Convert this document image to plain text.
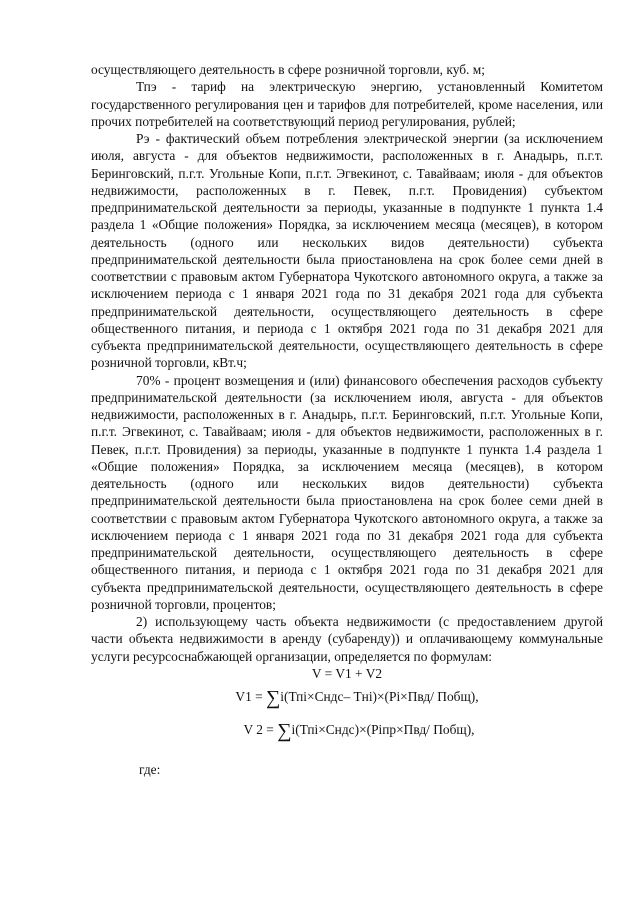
осуществляющего деятельность в сфере розничной торговли, куб. м;

Тпэ - тариф на электрическую энергию, установленный Комитетом государственного регулирования цен и тарифов для потребителей, кроме населения, или прочих потребителей на соответствующий период регулирования, рублей;

Рэ - фактический объем потребления электрической энергии (за исключением июля, августа - для объектов недвижимости, расположенных в г. Анадырь, п.г.т. Беринговский, п.г.т. Угольные Копи, п.г.т. Эгвекинот, с. Тавайваам; июля - для объектов недвижимости, расположенных в г. Певек, п.г.т. Провидения) субъектом предпринимательской деятельности за периоды, указанные в подпункте 1 пункта 1.4 раздела 1 «Общие положения» Порядка, за исключением месяца (месяцев), в котором деятельность (одного или нескольких видов деятельности) субъекта предпринимательской деятельности была приостановлена на срок более семи дней в соответствии с правовым актом Губернатора Чукотского автономного округа, а также за исключением периода с 1 января 2021 года по 31 декабря 2021 года для субъекта предпринимательской деятельности, осуществляющего деятельность в сфере общественного питания, и периода с 1 октября 2021 года по 31 декабря 2021 для субъекта предпринимательской деятельности, осуществляющего деятельность в сфере розничной торговли, кВт.ч;

70% - процент возмещения и (или) финансового обеспечения расходов субъекту предпринимательской деятельности (за исключением июля, августа - для объектов недвижимости, расположенных в г. Анадырь, п.г.т. Беринговский, п.г.т. Угольные Копи, п.г.т. Эгвекинот, с. Тавайваам; июля - для объектов недвижимости, расположенных в г. Певек, п.г.т. Провидения) за периоды, указанные в подпункте 1 пункта 1.4 раздела 1 «Общие положения» Порядка, за исключением месяца (месяцев), в котором деятельность (одного или нескольких видов деятельности) субъекта предпринимательской деятельности была приостановлена на срок более семи дней в соответствии с правовым актом Губернатора Чукотского автономного округа, а также за исключением периода с 1 января 2021 года по 31 декабря 2021 года для субъекта предпринимательской деятельности, осуществляющего деятельность в сфере общественного питания, и периода с 1 октября 2021 года по 31 декабря 2021 для субъекта предпринимательской деятельности, осуществляющего деятельность в сфере розничной торговли, процентов;

2) использующему часть объекта недвижимости (с предоставлением другой части объекта недвижимости в аренду (субаренду)) и оплачивающему коммунальные услуги ресурсоснабжающей организации, определяется по формулам:

V = V1 + V2

V1 = ∑i(Тпi×Сндс– Тнi)×(Рi×Пвд/ Побщ),

V 2 = ∑i(Тпi×Сндс)×(Рiпр×Пвд/ Побщ),

где:
